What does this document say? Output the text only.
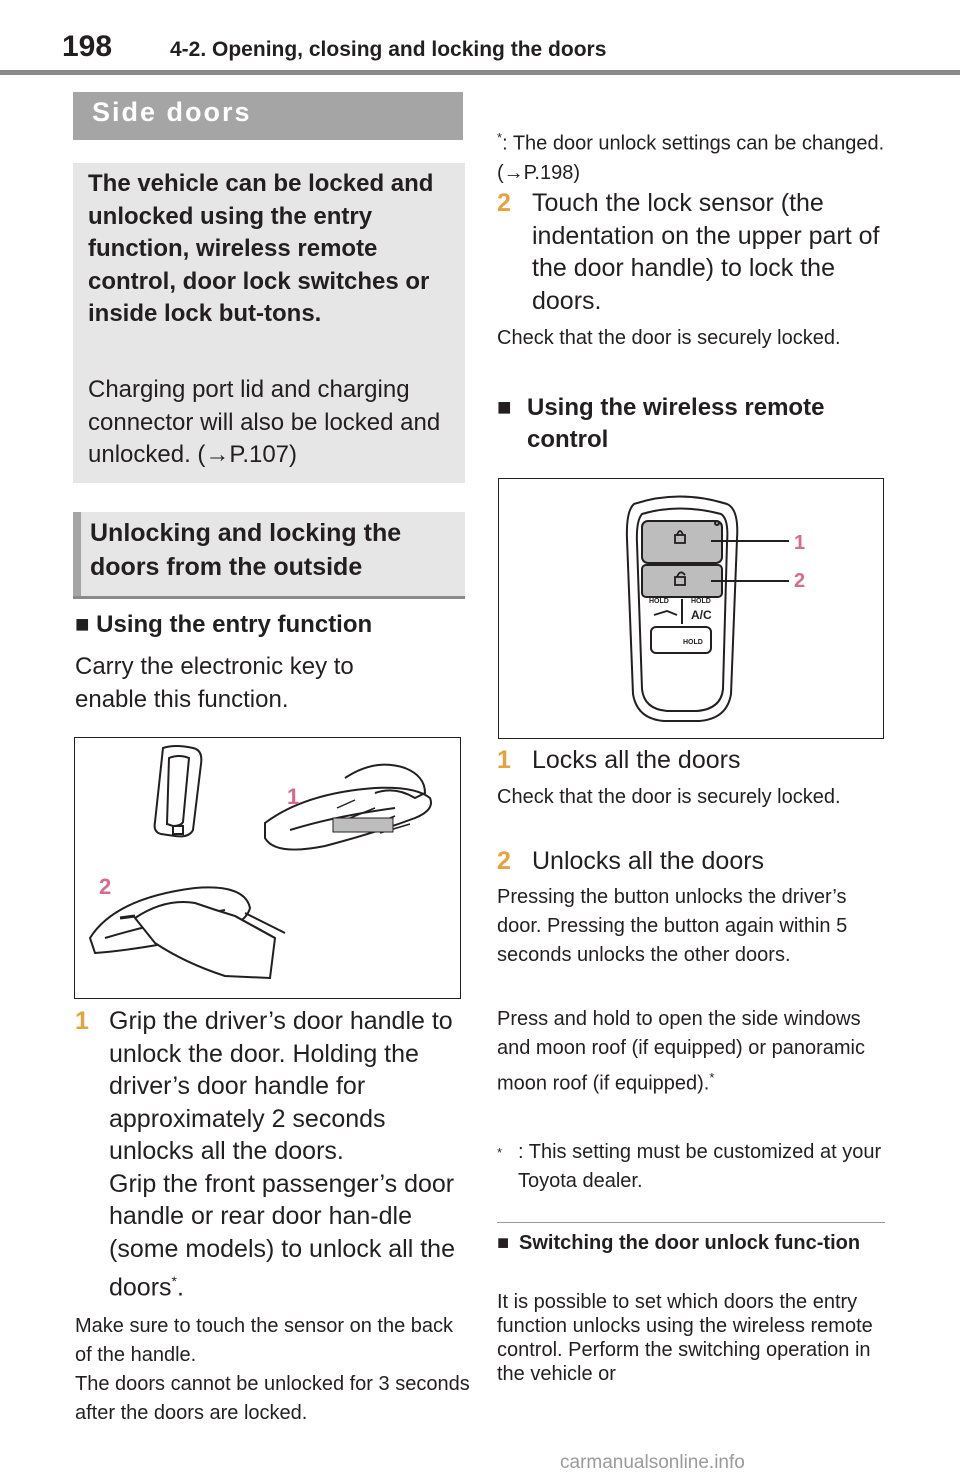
198	4-2. Opening, closing and locking the doors
Side doors
The vehicle can be locked and unlocked using the entry function, wireless remote control, door lock switches or inside lock but-tons.
Charging port lid and charging connector will also be locked and unlocked. (→P.107)
Unlocking and locking the doors from the outside
■ Using the entry function
Carry the electronic key to enable this function.
1
2
1 Grip the driver’s door handle to unlock the door. Holding the driver’s door handle for approximately 2 seconds unlocks all the doors.
Grip the front passenger’s door handle or rear door han-dle (some models) to unlock all the doors*.
Make sure to touch the sensor on the back of the handle.
The doors cannot be unlocked for 3 seconds after the doors are locked.
*: The door unlock settings can be changed. (→P.198)
2 Touch the lock sensor (the indentation on the upper part of the door handle) to lock the doors.
Check that the door is securely locked.
■ Using the wireless remote control
HOLD	HOLD
A/C
HOLD
1
2
1 Locks all the doors
Check that the door is securely locked.
2 Unlocks all the doors
Pressing the button unlocks the driver’s door. Pressing the button again within 5 seconds unlocks the other doors.
Press and hold to open the side windows and moon roof (if equipped) or panoramic moon roof (if equipped).*
* : This setting must be customized at your Toyota dealer.
■ Switching the door unlock func-tion
It is possible to set which doors the entry function unlocks using the wireless remote control. Perform the switching operation in the vehicle or
carmanualsonline.info
